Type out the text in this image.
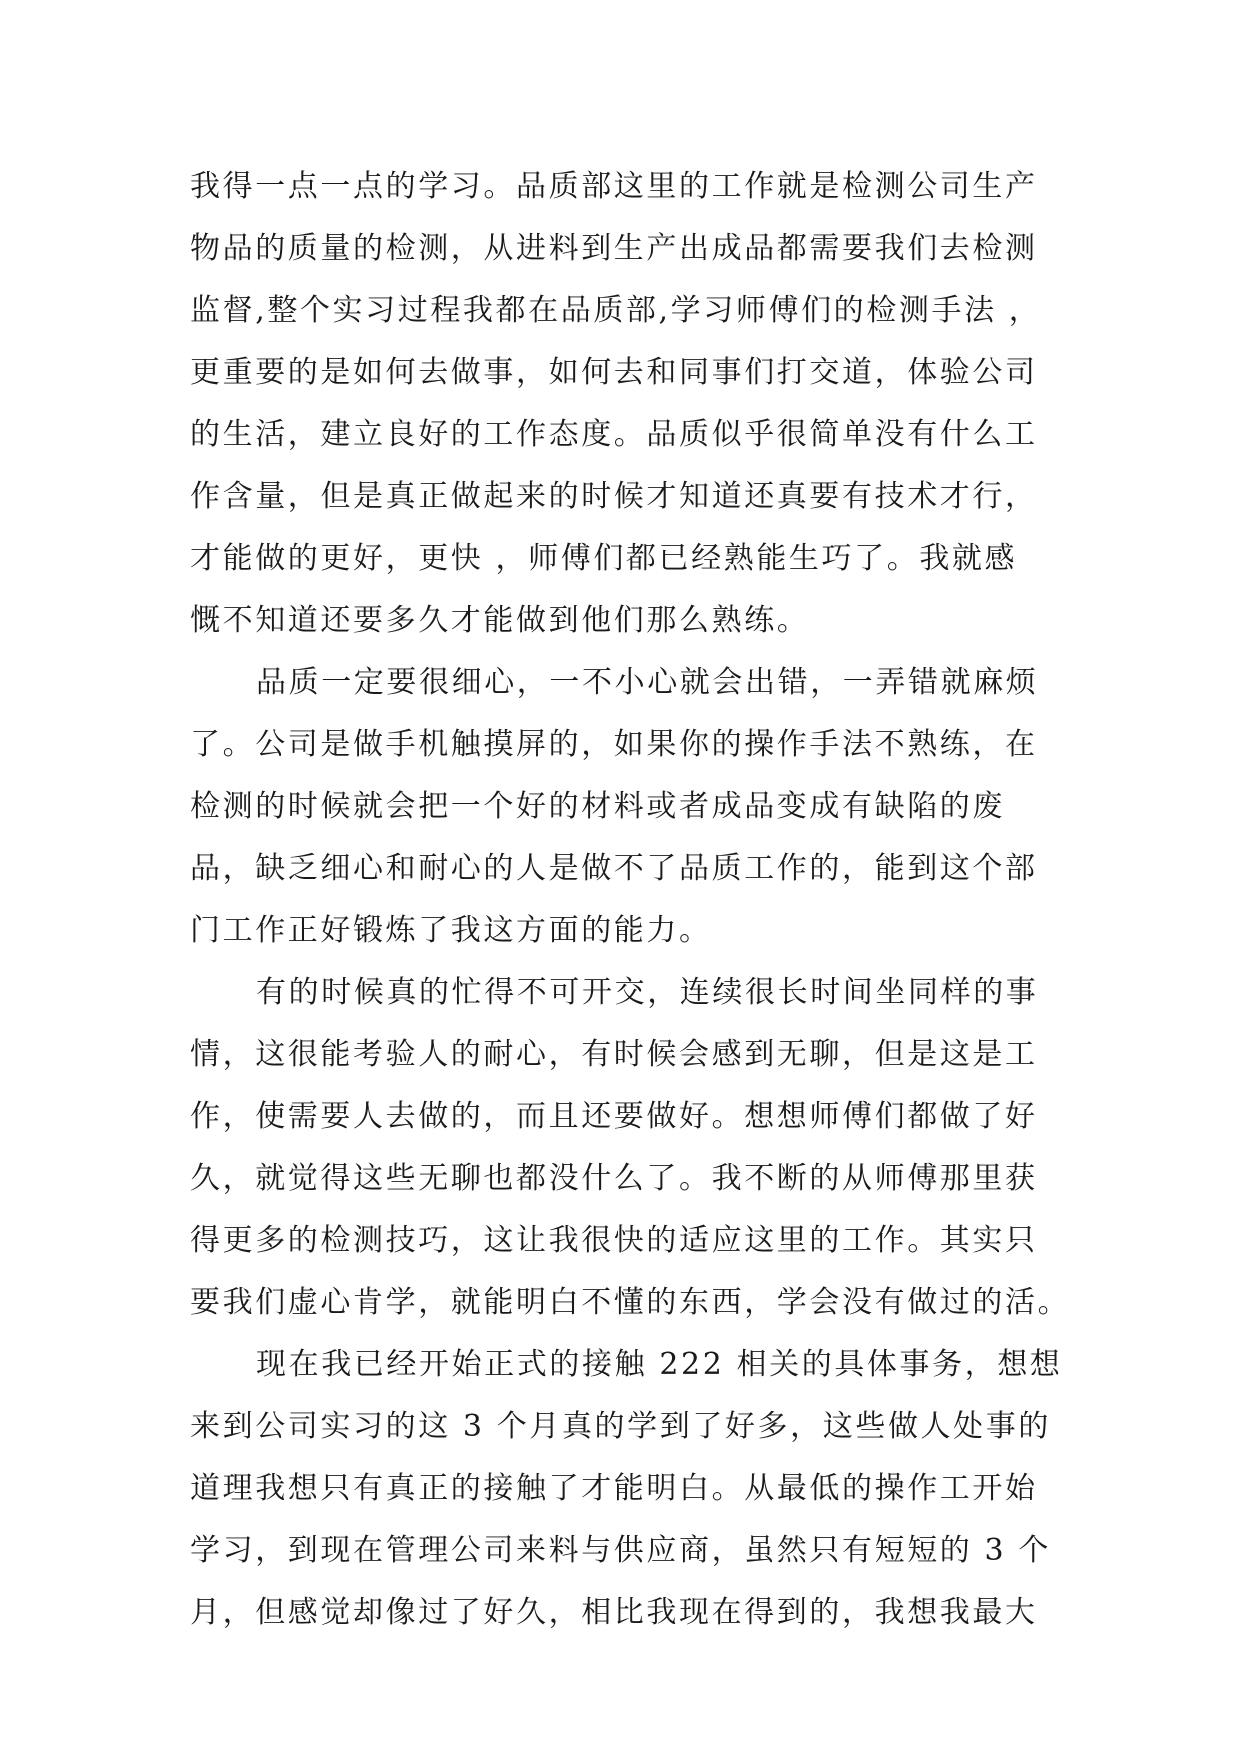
我得一点一点的学习。品质部这里的工作就是检测公司生产
物品的质量的检测，从进料到生产出成品都需要我们去检测
监督,整个实习过程我都在品质部,学习师傅们的检测手法 ，
更重要的是如何去做事，如何去和同事们打交道，体验公司
的生活，建立良好的工作态度。品质似乎很简单没有什么工
作含量，但是真正做起来的时候才知道还真要有技术才行，
才能做的更好，更快 ，师傅们都已经熟能生巧了。我就感
慨不知道还要多久才能做到他们那么熟练。
品质一定要很细心，一不小心就会出错，一弄错就麻烦
了。公司是做手机触摸屏的，如果你的操作手法不熟练，在
检测的时候就会把一个好的材料或者成品变成有缺陷的废
品，缺乏细心和耐心的人是做不了品质工作的，能到这个部
门工作正好锻炼了我这方面的能力。
有的时候真的忙得不可开交，连续很长时间坐同样的事
情，这很能考验人的耐心，有时候会感到无聊，但是这是工
作，使需要人去做的，而且还要做好。想想师傅们都做了好
久，就觉得这些无聊也都没什么了。我不断的从师傅那里获
得更多的检测技巧，这让我很快的适应这里的工作。其实只
要我们虚心肯学，就能明白不懂的东西，学会没有做过的活。
现在我已经开始正式的接触 222 相关的具体事务，想想
来到公司实习的这 3 个月真的学到了好多，这些做人处事的
道理我想只有真正的接触了才能明白。从最低的操作工开始
学习，到现在管理公司来料与供应商，虽然只有短短的 3 个
月，但感觉却像过了好久，相比我现在得到的，我想我最大
